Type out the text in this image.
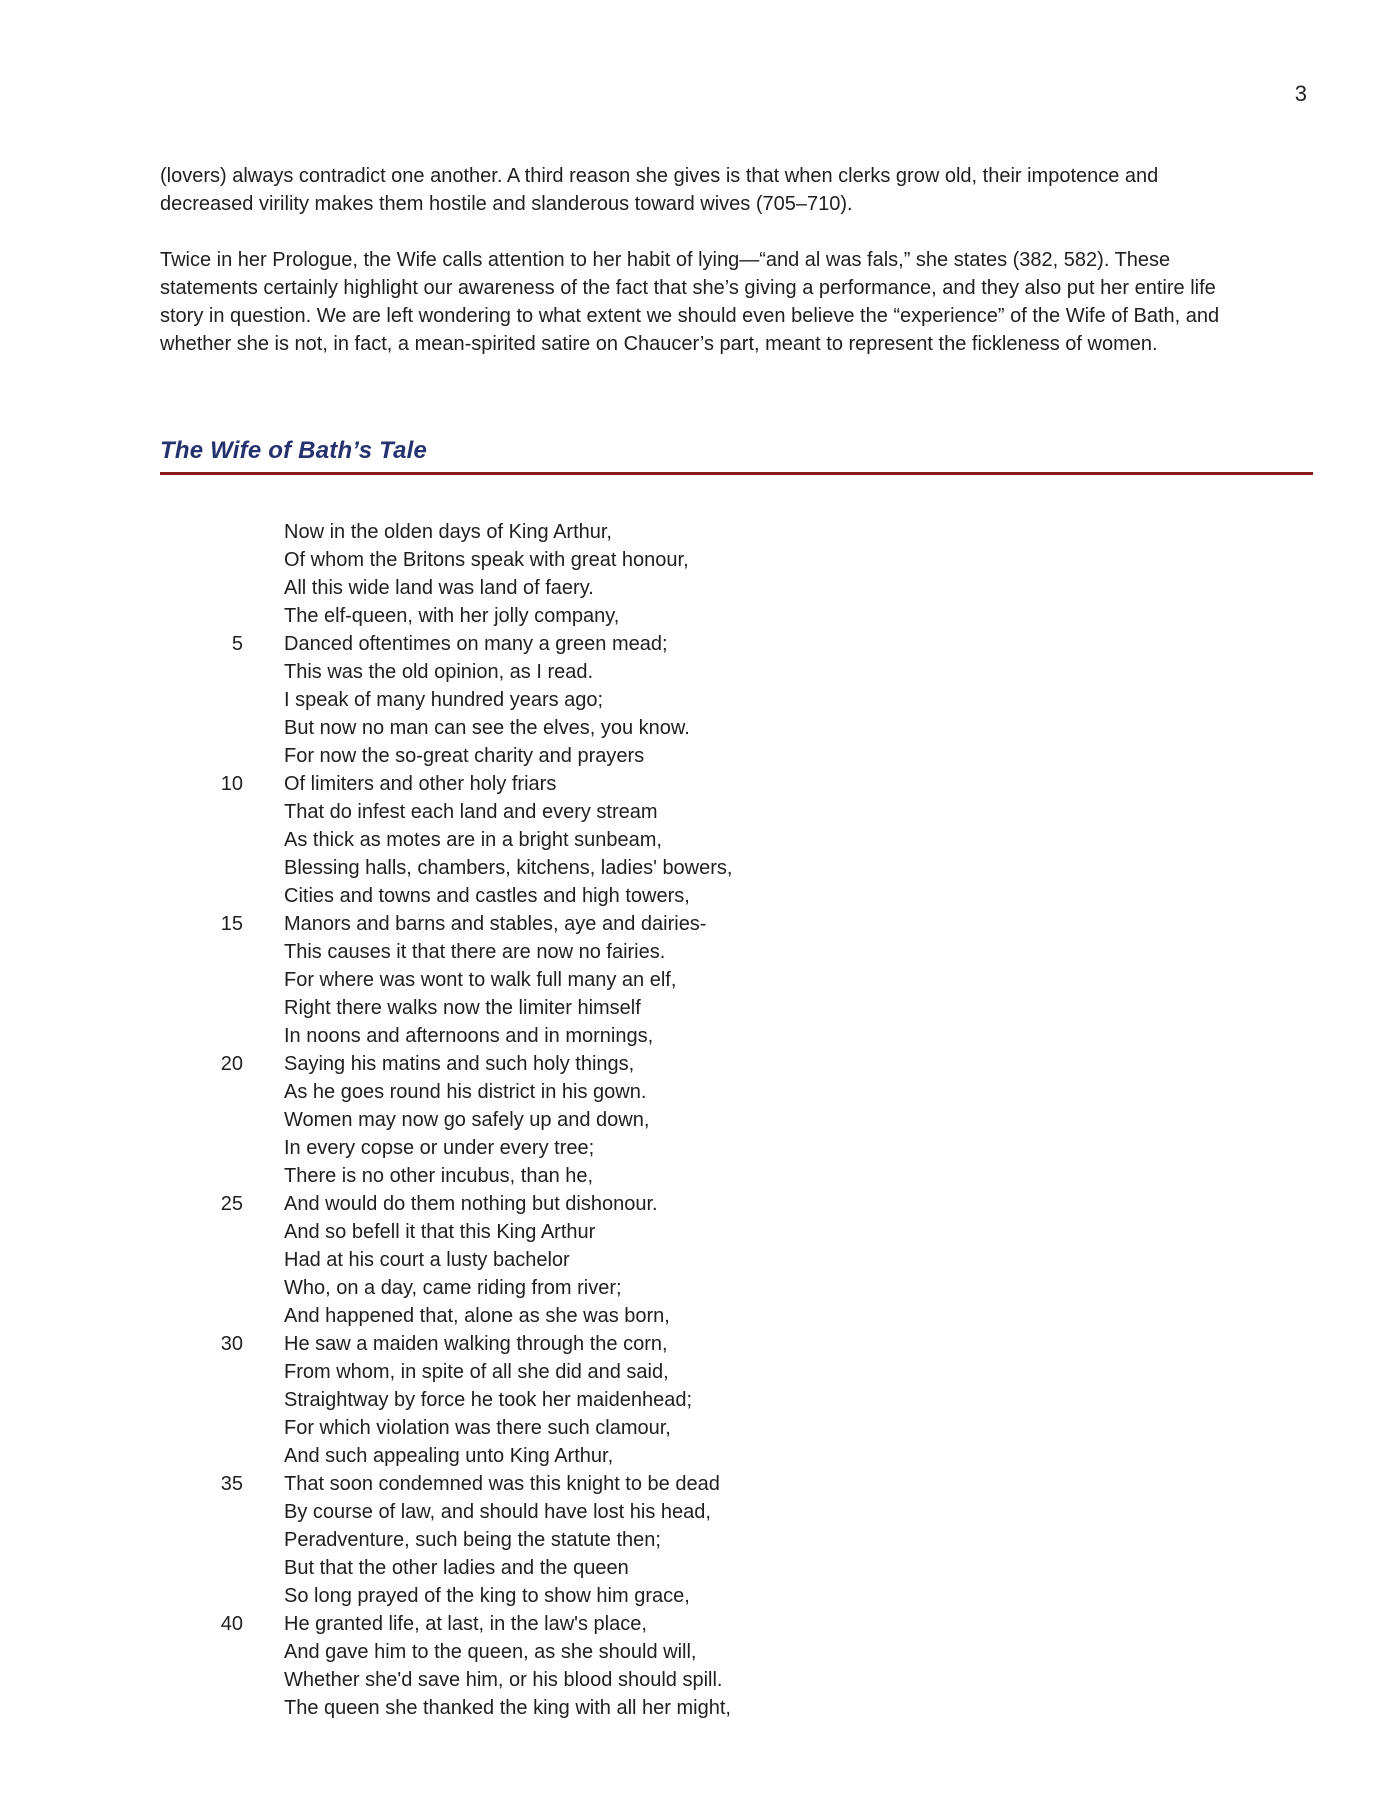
3
(lovers) always contradict one another. A third reason she gives is that when clerks grow old, their impotence and
decreased virility makes them hostile and slanderous toward wives (705–710).
Twice in her Prologue, the Wife calls attention to her habit of lying—“and al was fals,” she states (382, 582). These
statements certainly highlight our awareness of the fact that she’s giving a performance, and they also put her entire life
story in question. We are left wondering to what extent we should even believe the “experience” of the Wife of Bath, and
whether she is not, in fact, a mean-spirited satire on Chaucer’s part, meant to represent the fickleness of women.
The Wife of Bath’s Tale
Now in the olden days of King Arthur,
Of whom the Britons speak with great honour,
All this wide land was land of faery.
The elf-queen, with her jolly company,
5 Danced oftentimes on many a green mead;
This was the old opinion, as I read.
I speak of many hundred years ago;
But now no man can see the elves, you know.
For now the so-great charity and prayers
10 Of limiters and other holy friars
That do infest each land and every stream
As thick as motes are in a bright sunbeam,
Blessing halls, chambers, kitchens, ladies' bowers,
Cities and towns and castles and high towers,
15 Manors and barns and stables, aye and dairies-
This causes it that there are now no fairies.
For where was wont to walk full many an elf,
Right there walks now the limiter himself
In noons and afternoons and in mornings,
20 Saying his matins and such holy things,
As he goes round his district in his gown.
Women may now go safely up and down,
In every copse or under every tree;
There is no other incubus, than he,
25 And would do them nothing but dishonour.
And so befell it that this King Arthur
Had at his court a lusty bachelor
Who, on a day, came riding from river;
And happened that, alone as she was born,
30 He saw a maiden walking through the corn,
From whom, in spite of all she did and said,
Straightway by force he took her maidenhead;
For which violation was there such clamour,
And such appealing unto King Arthur,
35 That soon condemned was this knight to be dead
By course of law, and should have lost his head,
Peradventure, such being the statute then;
But that the other ladies and the queen
So long prayed of the king to show him grace,
40 He granted life, at last, in the law's place,
And gave him to the queen, as she should will,
Whether she'd save him, or his blood should spill.
The queen she thanked the king with all her might,
